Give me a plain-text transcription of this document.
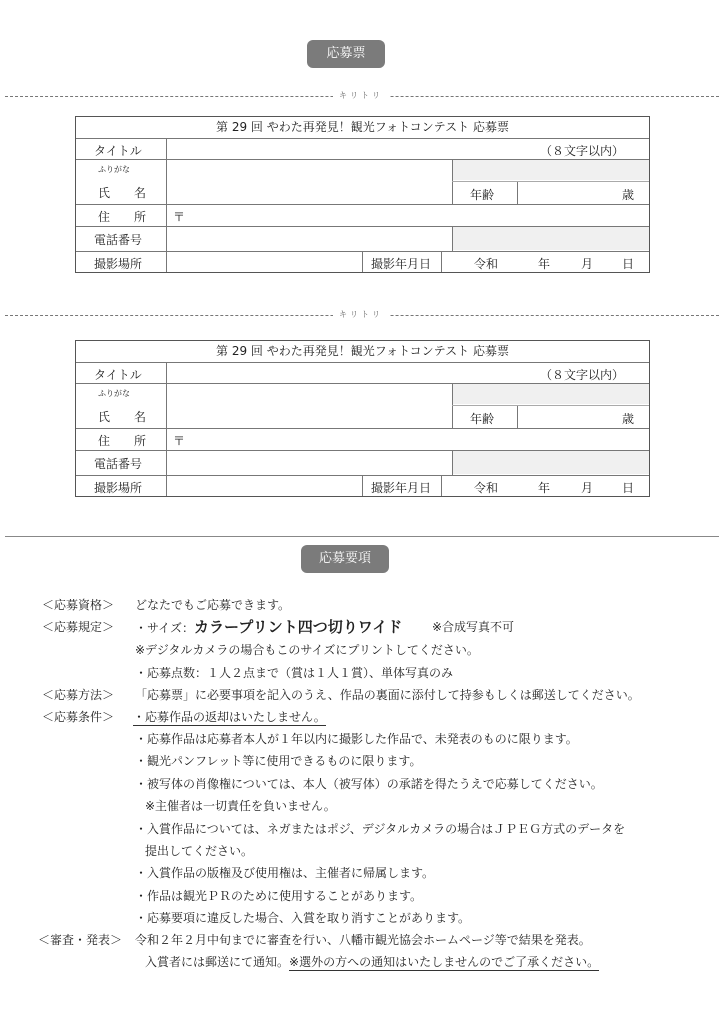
応募票
キリトリ
第 29 回 やわた再発見！観光フォトコンテスト 応募票
タイトル	（８文字以内）
ふりがな
氏　　名	年齢	歳
住　　所 〒
電話番号
撮影場所	撮影年月日	令和	年	月 日
キリトリ
第 29 回 やわた再発見！観光フォトコンテスト 応募票
タイトル	（８文字以内）
ふりがな
氏　　名	年齢	歳
住　　所 〒
電話番号
撮影場所	撮影年月日	令和	年	月 日
応募要項
＜応募資格＞ どなたでもご応募できます。
＜応募規定＞ ・サイズ：カラープリント四つ切りワイド ※合成写真不可
※デジタルカメラの場合もこのサイズにプリントしてください。
・応募点数：１人２点まで（賞は１人１賞）、単体写真のみ
＜応募方法＞ 「応募票」に必要事項を記入のうえ、作品の裏面に添付して持参もしくは郵送してください。
＜応募条件＞ ・応募作品の返却はいたしません。
・応募作品は応募者本人が１年以内に撮影した作品で、未発表のものに限ります。
・観光パンフレット等に使用できるものに限ります。
・被写体の肖像権については、本人（被写体）の承諾を得たうえで応募してください。
※主催者は一切責任を負いません。
・入賞作品については、ネガまたはポジ、デジタルカメラの場合はＪＰＥＧ方式のデータを
提出してください。
・入賞作品の版権及び使用権は、主催者に帰属します。
・作品は観光ＰＲのために使用することがあります。
・応募要項に違反した場合、入賞を取り消すことがあります。
＜審査・発表＞ 令和２年２月中旬までに審査を行い、八幡市観光協会ホームページ等で結果を発表。
入賞者には郵送にて通知。※選外の方への通知はいたしませんのでご了承ください。
